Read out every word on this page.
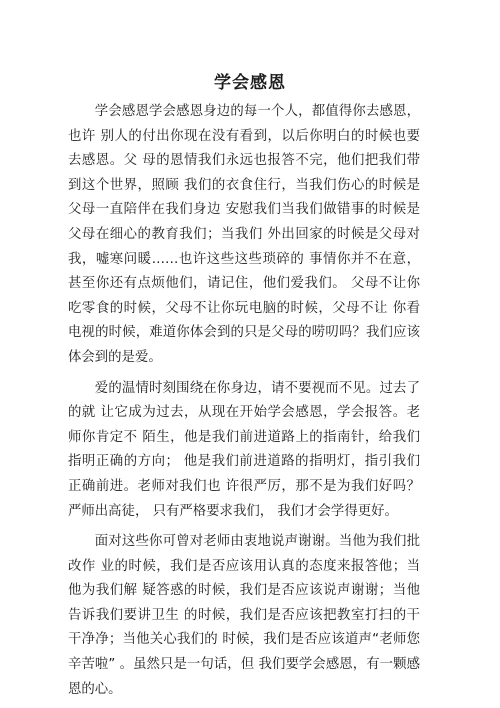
学会感恩

学会感恩学会感恩身边的每一个人，都值得你去感恩，也许 别人的付出你现在没有看到，以后你明白的时候也要去感恩。父 母的恩情我们永远也报答不完，他们把我们带到这个世界，照顾 我们的衣食住行，当我们伤心的时候是父母一直陪伴在我们身边 安慰我们当我们做错事的时候是父母在细心的教育我们；当我们 外出回家的时候是父母对我，嘘寒问暖……也许这些这些琐碎的 事情你并不在意，甚至你还有点烦他们，请记住，他们爱我们。 父母不让你吃零食的时候，父母不让你玩电脑的时候，父母不让 你看电视的时候，难道你体会到的只是父母的唠叨吗？我们应该 体会到的是爱。

爱的温情时刻围绕在你身边，请不要视而不见。过去了的就 让它成为过去，从现在开始学会感恩，学会报答。老师你肯定不 陌生，他是我们前进道路上的指南针，给我们指明正确的方向； 他是我们前进道路的指明灯，指引我们正确前进。老师对我们也 许很严厉，那不是为我们好吗？严师出高徒， 只有严格要求我们， 我们才会学得更好。

面对这些你可曾对老师由衷地说声谢谢。当他为我们批改作 业的时候，我们是否应该用认真的态度来报答他；当他为我们解 疑答惑的时候，我们是否应该说声谢谢；当他告诉我们要讲卫生 的时候，我们是否应该把教室打扫的干干净净；当他关心我们的 时候，我们是否应该道声“老师您辛苦啦” 。虽然只是一句话，但 我们要学会感恩，有一颗感恩的心。
